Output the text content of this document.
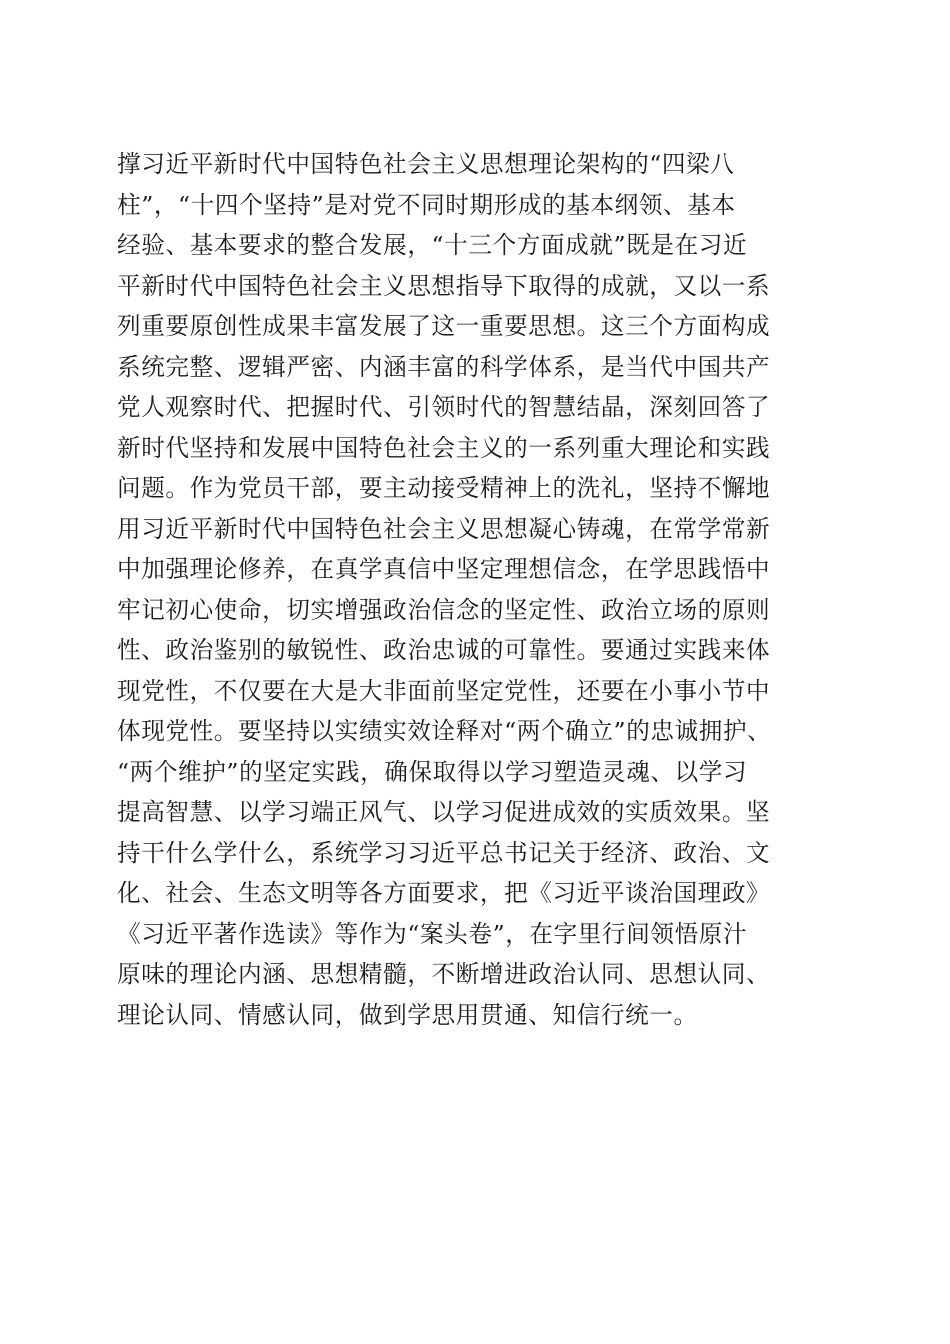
撑习近平新时代中国特色社会主义思想理论架构的“四梁八
柱”，“十四个坚持”是对党不同时期形成的基本纲领、基本
经验、基本要求的整合发展，“十三个方面成就”既是在习近
平新时代中国特色社会主义思想指导下取得的成就，又以一系
列重要原创性成果丰富发展了这一重要思想。这三个方面构成
系统完整、逻辑严密、内涵丰富的科学体系，是当代中国共产
党人观察时代、把握时代、引领时代的智慧结晶，深刻回答了
新时代坚持和发展中国特色社会主义的一系列重大理论和实践
问题。作为党员干部，要主动接受精神上的洗礼，坚持不懈地
用习近平新时代中国特色社会主义思想凝心铸魂，在常学常新
中加强理论修养，在真学真信中坚定理想信念，在学思践悟中
牢记初心使命，切实增强政治信念的坚定性、政治立场的原则
性、政治鉴别的敏锐性、政治忠诚的可靠性。要通过实践来体
现党性，不仅要在大是大非面前坚定党性，还要在小事小节中
体现党性。要坚持以实绩实效诠释对“两个确立”的忠诚拥护、
“两个维护”的坚定实践，确保取得以学习塑造灵魂、以学习
提高智慧、以学习端正风气、以学习促进成效的实质效果。坚
持干什么学什么，系统学习习近平总书记关于经济、政治、文
化、社会、生态文明等各方面要求，把《习近平谈治国理政》
《习近平著作选读》等作为“案头卷”，在字里行间领悟原汁
原味的理论内涵、思想精髓，不断增进政治认同、思想认同、
理论认同、情感认同，做到学思用贯通、知信行统一。
